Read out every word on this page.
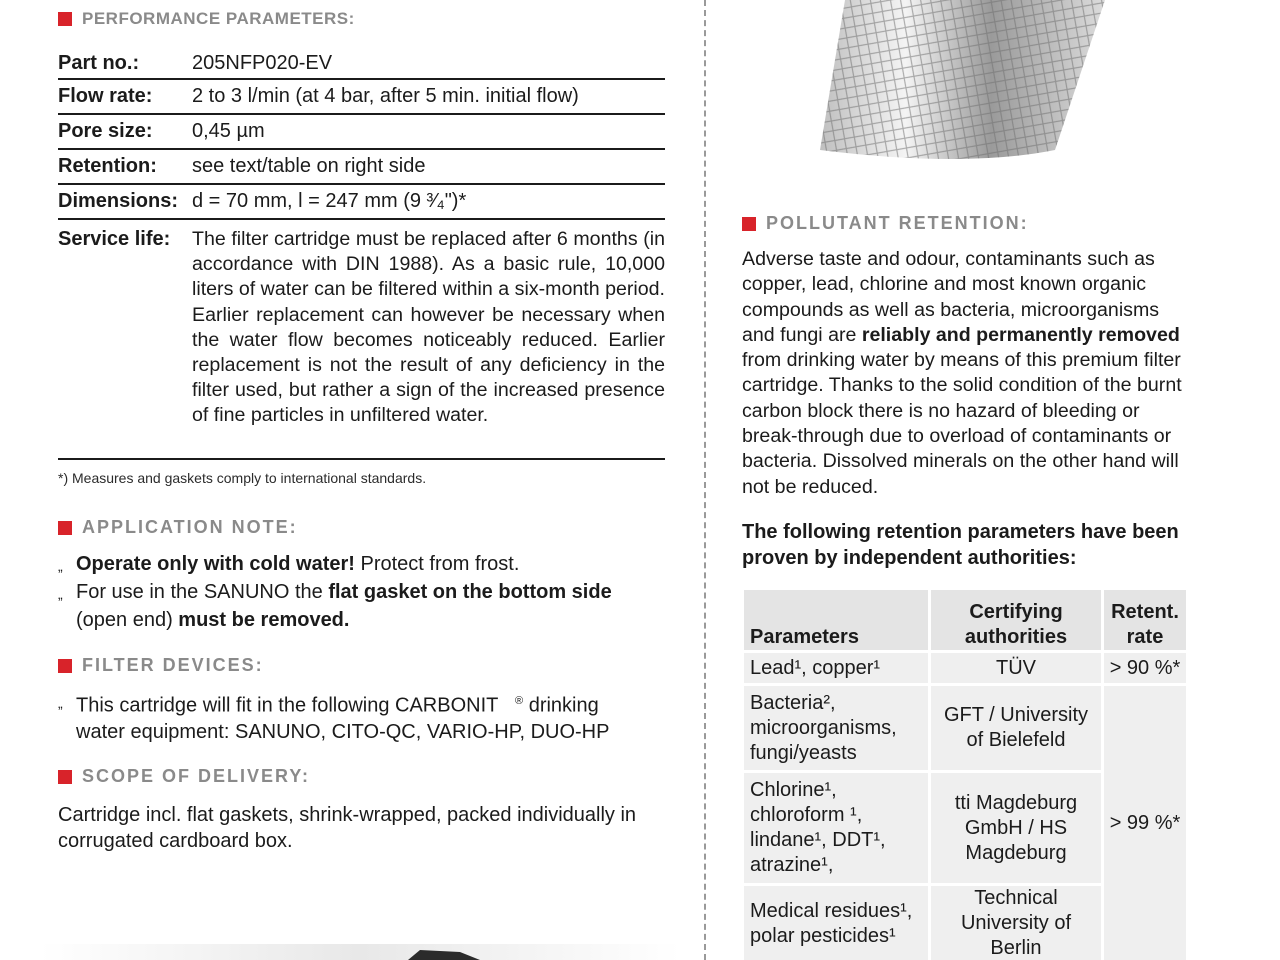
PERFORMANCE PARAMETERS:
Part no.:	205NFP020-EV
Flow rate:	2 to 3 l/min (at 4 bar, after 5 min. initial flow)
Pore size:	0,45 µm
Retention:	see text/table on right side
Dimensions: d = 70 mm, l = 247 mm (9 ³⁄₄")*
Service life:	The filter cartridge must be replaced after 6 months (in accordance with DIN 1988). As a basic rule, 10,000 liters of water can be filtered within a six-month period. Earlier replacement can however be necessary when the water flow becomes noticeably reduced. Earlier replacement is not the result of any deficiency in the filter used, but rather a sign of the increased presence of fine particles in unfiltered water.
*) Measures and gaskets comply to international standards.
APPLICATION NOTE:
„ Operate only with cold water! Protect from frost.
„ For use in the SANUNO the flat gasket on the bottom side
(open end) must be removed.
FILTER DEVICES:
„ This cartridge will fit in the following CARBONIT ® drinking
water equipment: SANUNO, CITO-QC, VARIO-HP, DUO-HP
SCOPE OF DELIVERY:
Cartridge incl. flat gaskets, shrink-wrapped, packed individually in corrugated cardboard box.
POLLUTANT RETENTION:
Adverse taste and odour, contaminants such as copper, lead, chlorine and most known organic compounds as well as bacteria, microorganisms and fungi are reliably and permanently removed from drinking water by means of this premium filter cartridge. Thanks to the solid condition of the burnt carbon block there is no hazard of bleeding or break-through due to overload of contaminants or bacteria. Dissolved minerals on the other hand will not be reduced.
The following retention parameters have been proven by independent authorities:
Parameters	Certifying authorities	Retent. rate
Lead¹, copper¹	TÜV	> 90 %*
Bacteria², microorganisms, fungi/yeasts	GFT / University of Bielefeld	> 99 %*
Chlorine¹, chloroform ¹, lindane¹, DDT¹, atrazine¹,	tti Magdeburg GmbH / HS Magdeburg	
Medical residues¹, polar pesticides¹	Technical University of Berlin	
